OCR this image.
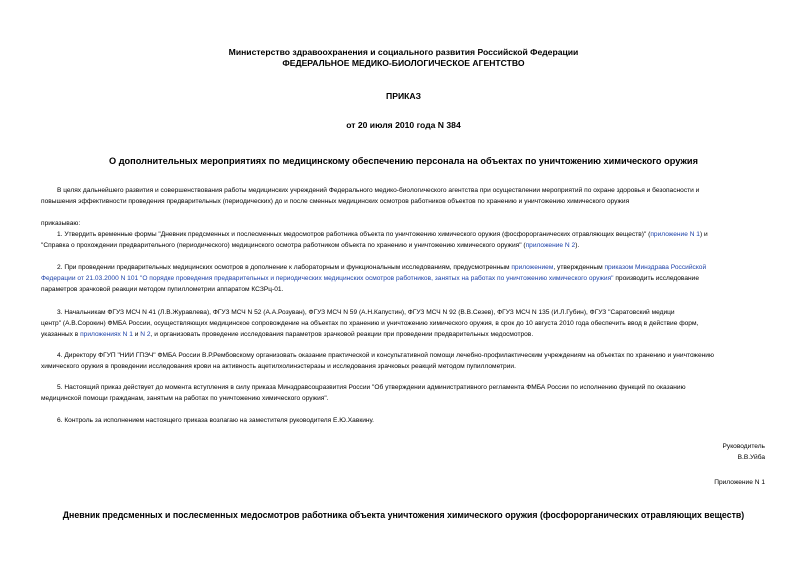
Министерство здравоохранения и социального развития Российской Федерации
ФЕДЕРАЛЬНОЕ МЕДИКО-БИОЛОГИЧЕСКОЕ АГЕНТСТВО
ПРИКАЗ
от 20 июля 2010 года N 384
О дополнительных мероприятиях по медицинскому обеспечению персонала на объектах по уничтожению химического оружия
В целях дальнейшего развития и совершенствования работы медицинских учреждений Федерального медико-биологического агентства при осуществлении мероприятий по охране здоровья и безопасности и
повышения эффективности проведения предварительных (периодических) до и после сменных медицинских осмотров работников объектов по хранению и уничтожению химического оружия
приказываю:
1. Утвердить временные формы "Дневник предсменных и послесменных медосмотров работника объекта по уничтожению химического оружия (фосфорорганических отравляющих веществ)" (приложение N 1) и
"Справка о прохождении предварительного (периодического) медицинского осмотра работником объекта по хранению и уничтожению химического оружия" (приложение N 2).
2. При проведении предварительных медицинских осмотров в дополнение к лабораторным и функциональным исследованиям, предусмотренным приложением, утвержденным приказом Минздрава Российской
Федерации от 21.03.2000 N 101 "О порядке проведения предварительных и периодических медицинских осмотров работников, занятых на работах по уничтожению химического оружия" производить исследование
параметров зрачковой реакции методом пупиллометрии аппаратом КСЗРц-01.
3. Начальникам ФГУЗ МСЧ N 41 (Л.В.Журавлева), ФГУЗ МСЧ N 52 (А.А.Розуван), ФГУЗ МСЧ N 59 (А.Н.Капустин), ФГУЗ МСЧ N 92 (В.В.Сезев), ФГУЗ МСЧ N 135 (И.Л.Губин), ФГУЗ "Саратовский медици
центр" (А.В.Сорокин) ФМБА России, осуществляющих медицинское сопровождение на объектах по хранению и уничтожению химического оружия, в срок до 10 августа 2010 года обеспечить ввод в действие форм,
указанных в приложениях N 1 и N 2, и организовать проведение исследования параметров зрачковой реакции при проведении предварительных медосмотров.
4. Директору ФГУП "НИИ ГПЭЧ" ФМБА России В.Р.Рембовскому организовать оказание практической и консультативной помощи лечебно-профилактическим учреждениям на объектах по хранению и уничтожению
химического оружия в проведении исследования крови на активность ацетилхолинэстеразы и исследования зрачковых реакций методом пупиллометрии.
5. Настоящий приказ действует до момента вступления в силу приказа Минздравсоцразвития России "Об утверждении административного регламента ФМБА России по исполнению функций по оказанию
медицинской помощи гражданам, занятым на работах по уничтожению химического оружия".
6. Контроль за исполнением настоящего приказа возлагаю на заместителя руководителя Е.Ю.Хавкину.
Руководитель
В.В.Уйба
Приложение N 1
Дневник предсменных и послесменных медосмотров работника объекта уничтожения химического оружия (фосфорорганических отравляющих веществ)
